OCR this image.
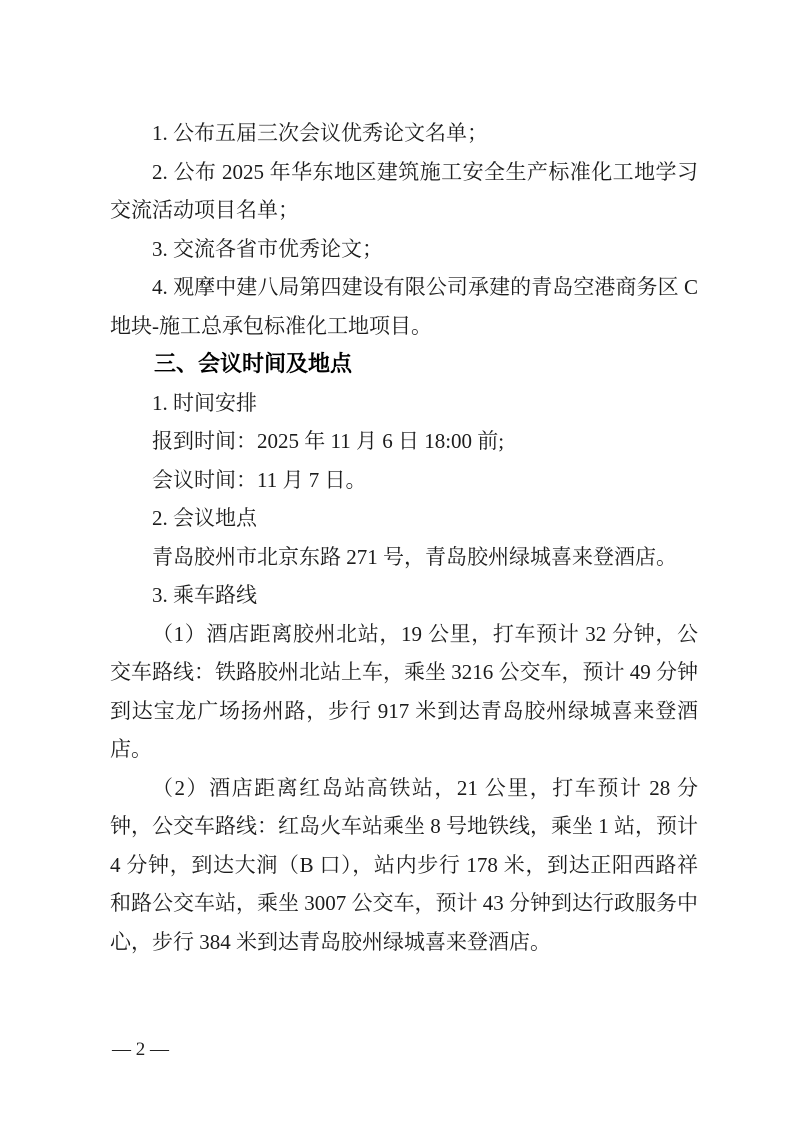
1. 公布五届三次会议优秀论文名单；

2. 公布 2025 年华东地区建筑施工安全生产标准化工地学习交流活动项目名单；

3. 交流各省市优秀论文；

4. 观摩中建八局第四建设有限公司承建的青岛空港商务区 C 地块-施工总承包标准化工地项目。

三、会议时间及地点

1. 时间安排

报到时间：2025 年 11 月 6 日 18:00 前;

会议时间：11 月 7 日。

2. 会议地点

青岛胶州市北京东路 271 号，青岛胶州绿城喜来登酒店。

3. 乘车路线

（1）酒店距离胶州北站，19 公里，打车预计 32 分钟，公交车路线：铁路胶州北站上车，乘坐 3216 公交车，预计 49 分钟到达宝龙广场扬州路，步行 917 米到达青岛胶州绿城喜来登酒店。

（2）酒店距离红岛站高铁站，21 公里，打车预计 28 分钟，公交车路线：红岛火车站乘坐 8 号地铁线，乘坐 1 站，预计 4 分钟，到达大涧（B 口），站内步行 178 米，到达正阳西路祥和路公交车站，乘坐 3007 公交车，预计 43 分钟到达行政服务中心，步行 384 米到达青岛胶州绿城喜来登酒店。

— 2 —
